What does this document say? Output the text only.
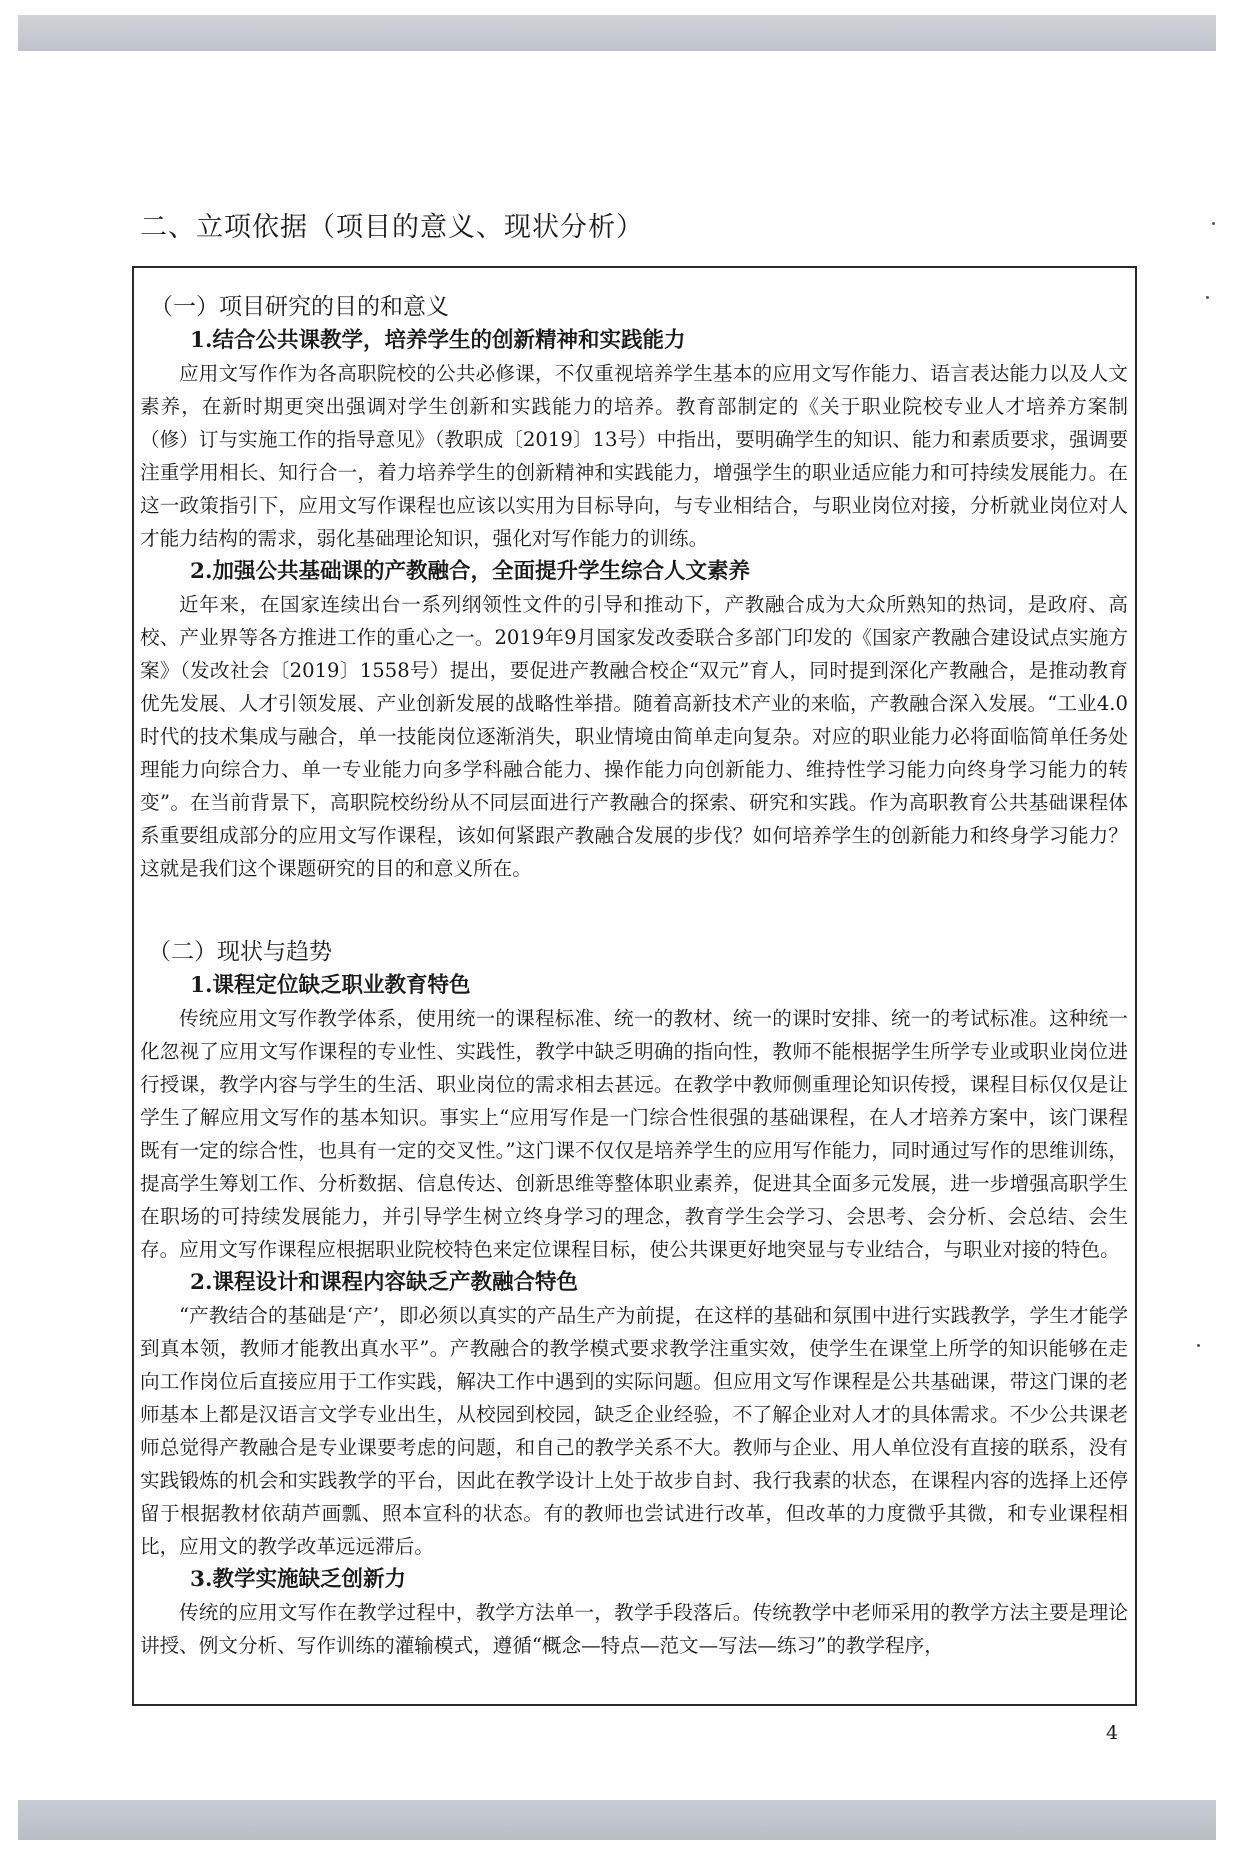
二、立项依据（项目的意义、现状分析）

（一）项目研究的目的和意义

1.结合公共课教学，培养学生的创新精神和实践能力

应用文写作作为各高职院校的公共必修课，不仅重视培养学生基本的应用文写作能力、语言表达能力以及人文素养，在新时期更突出强调对学生创新和实践能力的培养。教育部制定的《关于职业院校专业人才培养方案制（修）订与实施工作的指导意见》（教职成〔2019〕13号）中指出，要明确学生的知识、能力和素质要求，强调要注重学用相长、知行合一，着力培养学生的创新精神和实践能力，增强学生的职业适应能力和可持续发展能力。在这一政策指引下，应用文写作课程也应该以实用为目标导向，与专业相结合，与职业岗位对接，分析就业岗位对人才能力结构的需求，弱化基础理论知识，强化对写作能力的训练。

2.加强公共基础课的产教融合，全面提升学生综合人文素养

近年来，在国家连续出台一系列纲领性文件的引导和推动下，产教融合成为大众所熟知的热词，是政府、高校、产业界等各方推进工作的重心之一。2019年9月国家发改委联合多部门印发的《国家产教融合建设试点实施方案》（发改社会〔2019〕1558号）提出，要促进产教融合校企“双元”育人，同时提到深化产教融合，是推动教育优先发展、人才引领发展、产业创新发展的战略性举措。随着高新技术产业的来临，产教融合深入发展。“工业4.0时代的技术集成与融合，单一技能岗位逐渐消失，职业情境由简单走向复杂。对应的职业能力必将面临简单任务处理能力向综合力、单一专业能力向多学科融合能力、操作能力向创新能力、维持性学习能力向终身学习能力的转变”。在当前背景下，高职院校纷纷从不同层面进行产教融合的探索、研究和实践。作为高职教育公共基础课程体系重要组成部分的应用文写作课程，该如何紧跟产教融合发展的步伐？如何培养学生的创新能力和终身学习能力？这就是我们这个课题研究的目的和意义所在。

（二）现状与趋势

1.课程定位缺乏职业教育特色

传统应用文写作教学体系，使用统一的课程标准、统一的教材、统一的课时安排、统一的考试标准。这种统一化忽视了应用文写作课程的专业性、实践性，教学中缺乏明确的指向性，教师不能根据学生所学专业或职业岗位进行授课，教学内容与学生的生活、职业岗位的需求相去甚远。在教学中教师侧重理论知识传授，课程目标仅仅是让学生了解应用文写作的基本知识。事实上“应用写作是一门综合性很强的基础课程，在人才培养方案中，该门课程既有一定的综合性，也具有一定的交叉性。”这门课不仅仅是培养学生的应用写作能力，同时通过写作的思维训练，提高学生筹划工作、分析数据、信息传达、创新思维等整体职业素养，促进其全面多元发展，进一步增强高职学生在职场的可持续发展能力，并引导学生树立终身学习的理念，教育学生会学习、会思考、会分析、会总结、会生存。应用文写作课程应根据职业院校特色来定位课程目标，使公共课更好地突显与专业结合，与职业对接的特色。

2.课程设计和课程内容缺乏产教融合特色

“产教结合的基础是‘产’，即必须以真实的产品生产为前提，在这样的基础和氛围中进行实践教学，学生才能学到真本领，教师才能教出真水平”。产教融合的教学模式要求教学注重实效，使学生在课堂上所学的知识能够在走向工作岗位后直接应用于工作实践，解决工作中遇到的实际问题。但应用文写作课程是公共基础课，带这门课的老师基本上都是汉语言文学专业出生，从校园到校园，缺乏企业经验，不了解企业对人才的具体需求。不少公共课老师总觉得产教融合是专业课要考虑的问题，和自己的教学关系不大。教师与企业、用人单位没有直接的联系，没有实践锻炼的机会和实践教学的平台，因此在教学设计上处于故步自封、我行我素的状态，在课程内容的选择上还停留于根据教材依葫芦画瓢、照本宣科的状态。有的教师也尝试进行改革，但改革的力度微乎其微，和专业课程相比，应用文的教学改革远远滞后。

3.教学实施缺乏创新力

传统的应用文写作在教学过程中，教学方法单一，教学手段落后。传统教学中老师采用的教学方法主要是理论讲授、例文分析、写作训练的灌输模式，遵循“概念—特点—范文—写法—练习”的教学程序，

4
